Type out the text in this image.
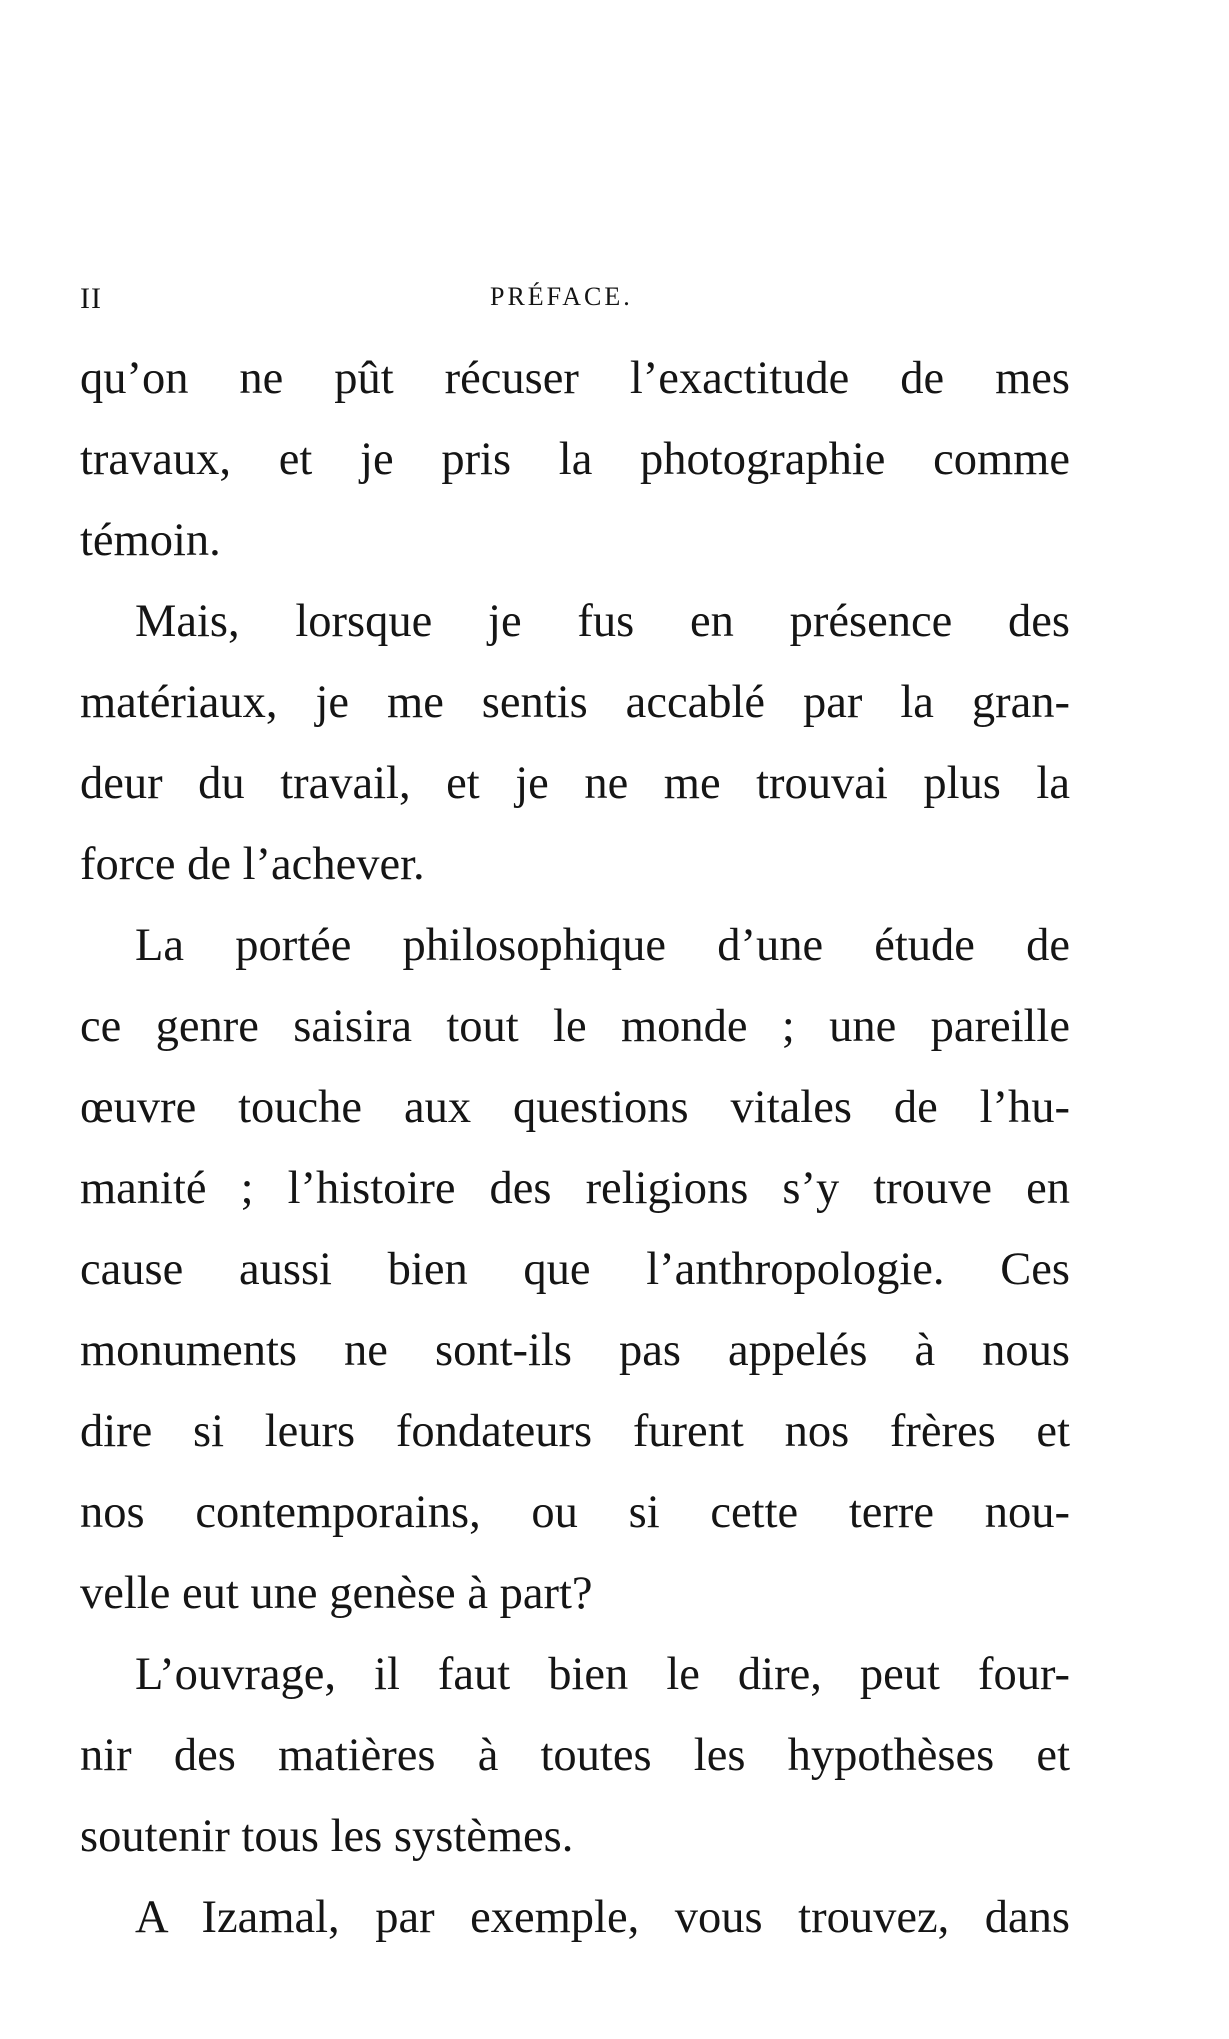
II	PRÉFACE.
qu’on ne pût récuser l’exactitude de mes
travaux, et je pris la photographie comme
témoin.
Mais, lorsque je fus en présence des
matériaux, je me sentis accablé par la gran-
deur du travail, et je ne me trouvai plus la
force de l’achever.
La portée philosophique d’une étude de
ce genre saisira tout le monde ; une pareille
œuvre touche aux questions vitales de l’hu-
manité ; l’histoire des religions s’y trouve en
cause aussi bien que l’anthropologie. Ces
monuments ne sont-ils pas appelés à nous
dire si leurs fondateurs furent nos frères et
nos contemporains, ou si cette terre nou-
velle eut une genèse à part?
L’ouvrage, il faut bien le dire, peut four-
nir des matières à toutes les hypothèses et
soutenir tous les systèmes.
A Izamal, par exemple, vous trouvez, dans
